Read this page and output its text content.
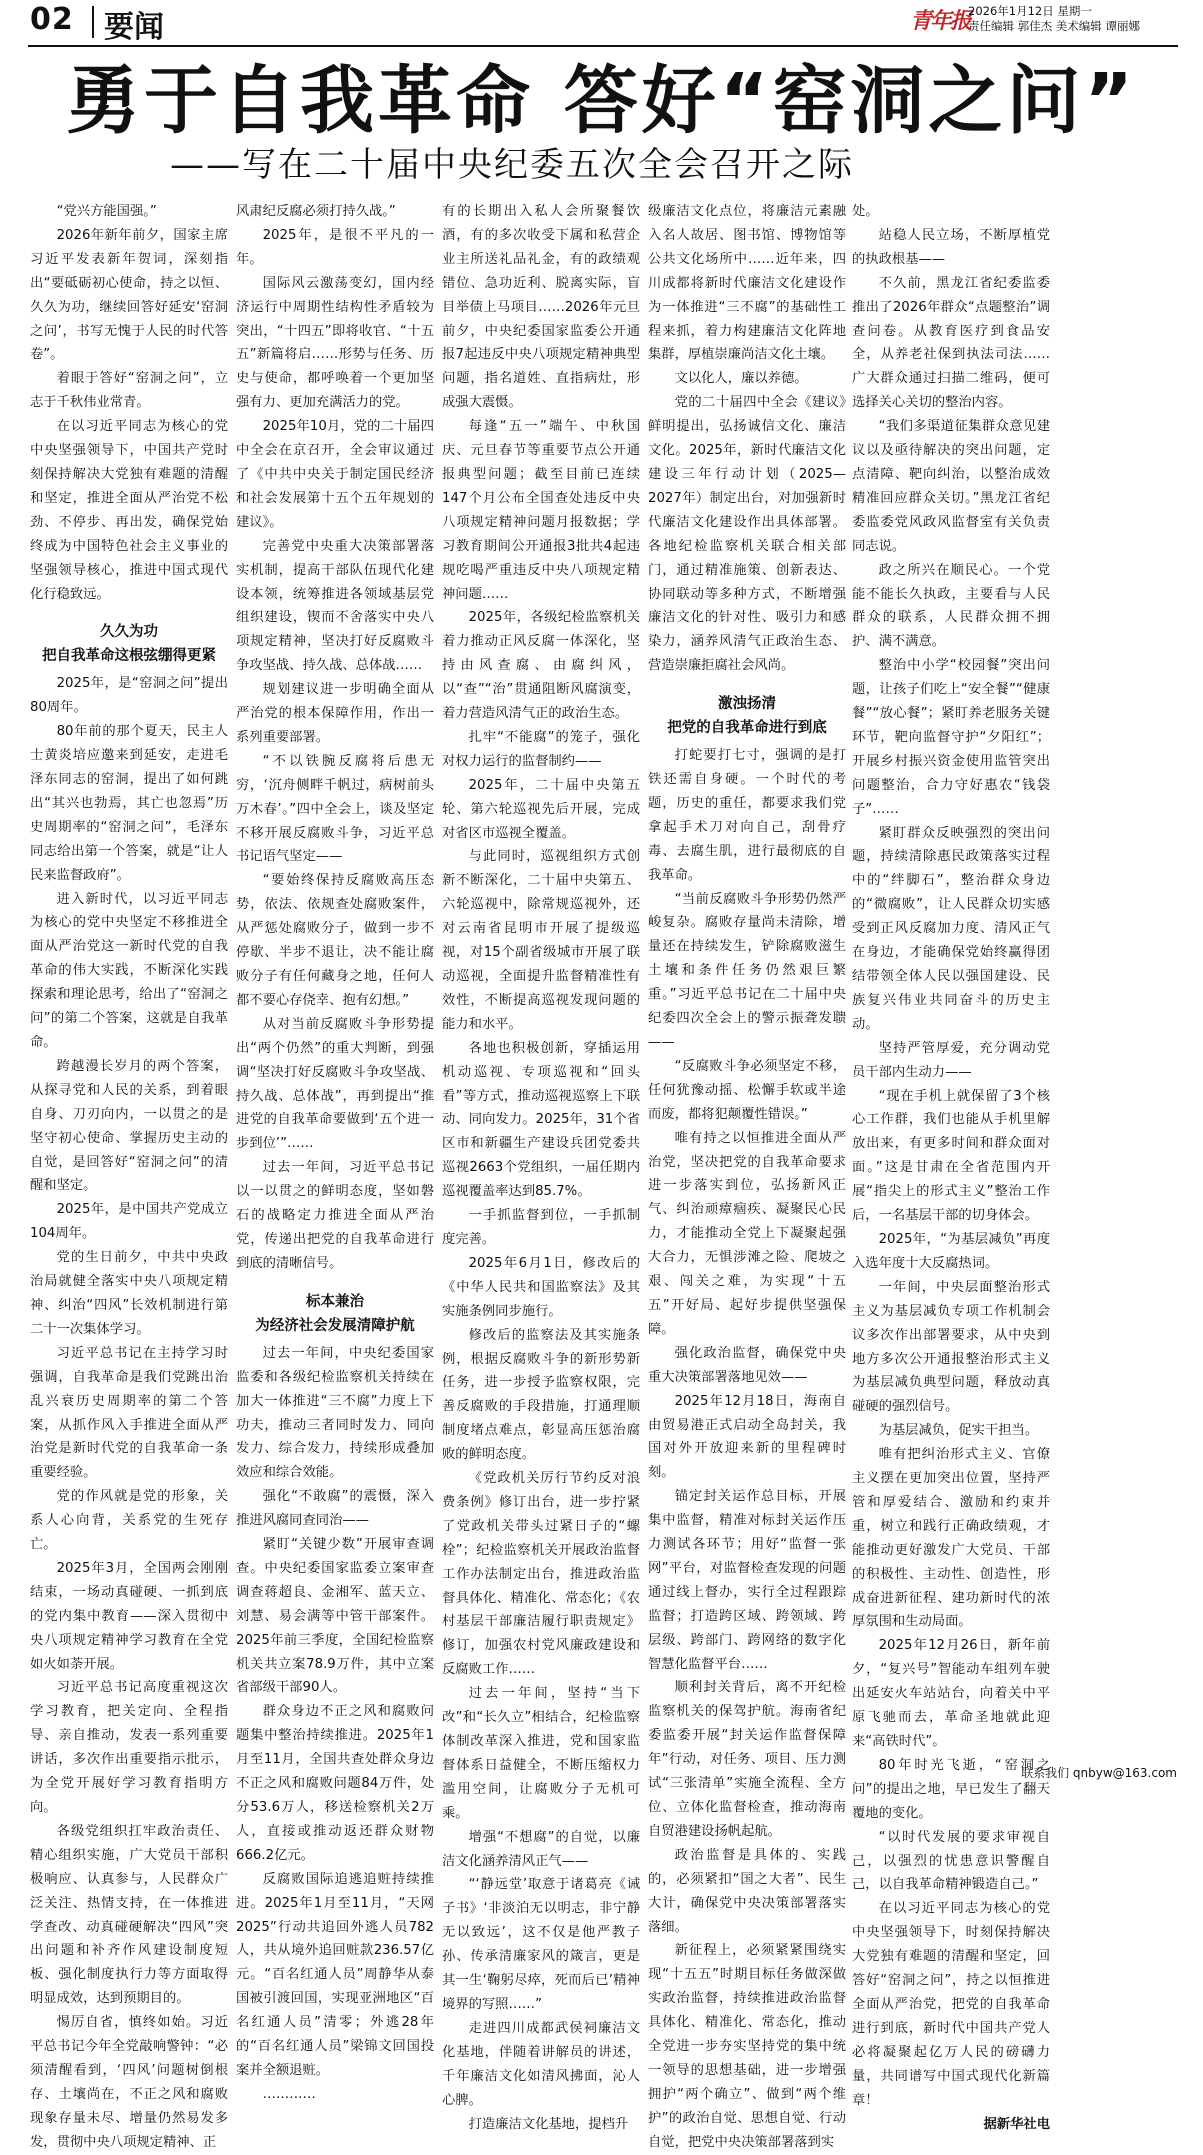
02 要闻	青年报
2026年1月12日 星期一
责任编辑 郭佳杰 美术编辑 谭丽娜
勇于自我革命 答好“窑洞之问”
——写在二十届中央纪委五次全会召开之际

“党兴方能国强。”

2026年新年前夕，国家主席习近平发表新年贺词，深刻指出“要砥砺初心使命，持之以恒、久久为功，继续回答好延安‘窑洞之问’，书写无愧于人民的时代答卷”。

着眼于答好“窑洞之问”，立志于千秋伟业常青。

在以习近平同志为核心的党中央坚强领导下，中国共产党时刻保持解决大党独有难题的清醒和坚定，推进全面从严治党不松劲、不停步、再出发，确保党始终成为中国特色社会主义事业的坚强领导核心，推进中国式现代化行稳致远。

久久为功
把自我革命这根弦绷得更紧

2025年，是“窑洞之问”提出80周年。

80年前的那个夏天，民主人士黄炎培应邀来到延安，走进毛泽东同志的窑洞，提出了如何跳出“其兴也勃焉，其亡也忽焉”历史周期率的“窑洞之问”，毛泽东同志给出第一个答案，就是“让人民来监督政府”。

进入新时代，以习近平同志为核心的党中央坚定不移推进全面从严治党这一新时代党的自我革命的伟大实践，不断深化实践探索和理论思考，给出了“窑洞之问”的第二个答案，这就是自我革命。

跨越漫长岁月的两个答案，从探寻党和人民的关系，到着眼自身、刀刃向内，一以贯之的是坚守初心使命、掌握历史主动的自觉，是回答好“窑洞之问”的清醒和坚定。

2025年，是中国共产党成立104周年。

党的生日前夕，中共中央政治局就健全落实中央八项规定精神、纠治“四风”长效机制进行第二十一次集体学习。

习近平总书记在主持学习时强调，自我革命是我们党跳出治乱兴衰历史周期率的第二个答案，从抓作风入手推进全面从严治党是新时代党的自我革命一条重要经验。

党的作风就是党的形象，关系人心向背，关系党的生死存亡。

2025年3月，全国两会刚刚结束，一场动真碰硬、一抓到底的党内集中教育——深入贯彻中央八项规定精神学习教育在全党如火如荼开展。

习近平总书记高度重视这次学习教育，把关定向、全程指导、亲自推动，发表一系列重要讲话，多次作出重要指示批示，为全党开展好学习教育指明方向。

各级党组织扛牢政治责任、精心组织实施，广大党员干部积极响应、认真参与，人民群众广泛关注、热情支持，在一体推进学查改、动真碰硬解决“四风”突出问题和补齐作风建设制度短板、强化制度执行力等方面取得明显成效，达到预期目的。

惕厉自省，慎终如始。习近平总书记今年全党敲响警钟：“必须清醒看到，‘四风’问题树倒根存、土壤尚在，不正之风和腐败现象存量未尽、增量仍然易发多发，贯彻中央八项规定精神、正

风肃纪反腐必须打持久战。”

2025年，是很不平凡的一年。

国际风云激荡变幻，国内经济运行中周期性结构性矛盾较为突出，“十四五”即将收官、“十五五”新篇将启……形势与任务、历史与使命，都呼唤着一个更加坚强有力、更加充满活力的党。

2025年10月，党的二十届四中全会在京召开，全会审议通过了《中共中央关于制定国民经济和社会发展第十五个五年规划的建议》。

完善党中央重大决策部署落实机制，提高干部队伍现代化建设本领，统筹推进各领域基层党组织建设，锲而不舍落实中央八项规定精神，坚决打好反腐败斗争攻坚战、持久战、总体战……

规划建议进一步明确全面从严治党的根本保障作用，作出一系列重要部署。

“不以铁腕反腐将后患无穷，‘沉舟侧畔千帆过，病树前头万木春’。”四中全会上，谈及坚定不移开展反腐败斗争，习近平总书记语气坚定——

“要始终保持反腐败高压态势，依法、依规查处腐败案件，从严惩处腐败分子，做到一步不停歇、半步不退让，决不能让腐败分子有任何藏身之地，任何人都不要心存侥幸、抱有幻想。”

从对当前反腐败斗争形势提出“两个仍然”的重大判断，到强调“坚决打好反腐败斗争攻坚战、持久战、总体战”，再到提出“推进党的自我革命要做到‘五个进一步到位’”……

过去一年间，习近平总书记以一以贯之的鲜明态度，坚如磐石的战略定力推进全面从严治党，传递出把党的自我革命进行到底的清晰信号。

标本兼治
为经济社会发展清障护航

过去一年间，中央纪委国家监委和各级纪检监察机关持续在加大一体推进“三不腐”力度上下功夫，推动三者同时发力、同向发力、综合发力，持续形成叠加效应和综合效能。

强化“不敢腐”的震慑，深入推进风腐同查同治——

紧盯“关键少数”开展审查调查。中央纪委国家监委立案审查调查蒋超良、金湘军、蓝天立、刘慧、易会满等中管干部案件。2025年前三季度，全国纪检监察机关共立案78.9万件，其中立案省部级干部90人。

群众身边不正之风和腐败问题集中整治持续推进。2025年1月至11月，全国共查处群众身边不正之风和腐败问题84万件，处分53.6万人，移送检察机关2万人，直接或推动返还群众财物666.2亿元。

反腐败国际追逃追赃持续推进。2025年1月至11月，“天网2025”行动共追回外逃人员782人，共从境外追回赃款236.57亿元。“百名红通人员”周静华从泰国被引渡回国，实现亚洲地区“百名红通人员”清零；外逃28年的“百名红通人员”梁锦文回国投案并全额退赃。

…………

有的长期出入私人会所聚餐饮酒，有的多次收受下属和私营企业主所送礼品礼金，有的政绩观错位、急功近利、脱离实际，盲目举债上马项目……2026年元旦前夕，中央纪委国家监委公开通报7起违反中央八项规定精神典型问题，指名道姓、直指病灶，形成强大震慑。

每逢“五一”端午、中秋国庆、元旦春节等重要节点公开通报典型问题；截至目前已连续147个月公布全国查处违反中央八项规定精神问题月报数据；学习教育期间公开通报3批共4起违规吃喝严重违反中央八项规定精神问题……

2025年，各级纪检监察机关着力推动正风反腐一体深化，坚持由风查腐、由腐纠风，以“查”“治”贯通阻断风腐演变，着力营造风清气正的政治生态。

扎牢“不能腐”的笼子，强化对权力运行的监督制约——

2025年，二十届中央第五轮、第六轮巡视先后开展，完成对省区市巡视全覆盖。

与此同时，巡视组织方式创新不断深化，二十届中央第五、六轮巡视中，除常规巡视外，还对云南省昆明市开展了提级巡视，对15个副省级城市开展了联动巡视，全面提升监督精准性有效性，不断提高巡视发现问题的能力和水平。

各地也积极创新，穿插运用机动巡视、专项巡视和“回头看”等方式，推动巡视巡察上下联动、同向发力。2025年，31个省区市和新疆生产建设兵团党委共巡视2663个党组织，一届任期内巡视覆盖率达到85.7%。

一手抓监督到位，一手抓制度完善。

2025年6月1日，修改后的《中华人民共和国监察法》及其实施条例同步施行。

修改后的监察法及其实施条例，根据反腐败斗争的新形势新任务，进一步授予监察权限，完善反腐败的手段措施，打通理顺制度堵点难点，彰显高压惩治腐败的鲜明态度。

《党政机关厉行节约反对浪费条例》修订出台，进一步拧紧了党政机关带头过紧日子的“螺栓”；纪检监察机关开展政治监督工作办法制定出台，推进政治监督具体化、精准化、常态化；《农村基层干部廉洁履行职责规定》修订，加强农村党风廉政建设和反腐败工作……

过去一年间，坚持“当下改”和“长久立”相结合，纪检监察体制改革深入推进，党和国家监督体系日益健全，不断压缩权力滥用空间，让腐败分子无机可乘。

增强“不想腐”的自觉，以廉洁文化涵养清风正气——

“‘静远堂’取意于诸葛亮《诫子书》‘非淡泊无以明志，非宁静无以致远’，这不仅是他严教子孙、传承清廉家风的箴言，更是其一生‘鞠躬尽瘁，死而后已’精神境界的写照……”

走进四川成都武侯祠廉洁文化基地，伴随着讲解员的讲述，千年廉洁文化如清风拂面，沁人心脾。

打造廉洁文化基地，提档升

级廉洁文化点位，将廉洁元素融入名人故居、图书馆、博物馆等公共文化场所中……近年来，四川成都将新时代廉洁文化建设作为一体推进“三不腐”的基础性工程来抓，着力构建廉洁文化阵地集群，厚植崇廉尚洁文化土壤。

文以化人，廉以养德。

党的二十届四中全会《建议》鲜明提出，弘扬诚信文化、廉洁文化。2025年，新时代廉洁文化建设三年行动计划（2025—2027年）制定出台，对加强新时代廉洁文化建设作出具体部署。各地纪检监察机关联合相关部门，通过精准施策、创新表达、协同联动等多种方式，不断增强廉洁文化的针对性、吸引力和感染力，涵养风清气正政治生态、营造崇廉拒腐社会风尚。

激浊扬清
把党的自我革命进行到底

打蛇要打七寸，强调的是打铁还需自身硬。一个时代的考题，历史的重任，都要求我们党拿起手术刀对向自己，刮骨疗毒、去腐生肌，进行最彻底的自我革命。

“当前反腐败斗争形势仍然严峻复杂。腐败存量尚未清除，增量还在持续发生，铲除腐败滋生土壤和条件任务仍然艰巨繁重。”习近平总书记在二十届中央纪委四次全会上的警示振聋发聩——

“反腐败斗争必须坚定不移，任何犹豫动摇、松懈手软或半途而废，都将犯颠覆性错误。”

唯有持之以恒推进全面从严治党，坚决把党的自我革命要求进一步落实到位，弘扬新风正气、纠治顽瘴痼疾、凝聚民心民力，才能推动全党上下凝聚起强大合力，无惧涉滩之险、爬坡之艰、闯关之难，为实现“十五五”开好局、起好步提供坚强保障。

强化政治监督，确保党中央重大决策部署落地见效——

2025年12月18日，海南自由贸易港正式启动全岛封关，我国对外开放迎来新的里程碑时刻。

锚定封关运作总目标，开展集中监督，精准对标封关运作压力测试各环节；用好“监督一张网”平台，对监督检查发现的问题通过线上督办，实行全过程跟踪监督；打造跨区域、跨领域、跨层级、跨部门、跨网络的数字化智慧化监督平台……

顺利封关背后，离不开纪检监察机关的保驾护航。海南省纪委监委开展“封关运作监督保障年”行动，对任务、项目、压力测试“三张清单”实施全流程、全方位、立体化监督检查，推动海南自贸港建设扬帆起航。

政治监督是具体的、实践的，必须紧扣“国之大者”、民生大计，确保党中央决策部署落实落细。

新征程上，必须紧紧围绕实现“十五五”时期目标任务做深做实政治监督，持续推进政治监督具体化、精准化、常态化，推动全党进一步夯实坚持党的集中统一领导的思想基础，进一步增强拥护“两个确立”、做到“两个维护”的政治自觉、思想自觉、行动自觉，把党中央决策部署落到实

处。

站稳人民立场，不断厚植党的执政根基——

不久前，黑龙江省纪委监委推出了2026年群众“点题整治”调查问卷。从教育医疗到食品安全，从养老社保到执法司法……广大群众通过扫描二维码，便可选择关心关切的整治内容。

“我们多渠道征集群众意见建议以及亟待解决的突出问题，定点清障、靶向纠治，以整治成效精准回应群众关切。”黑龙江省纪委监委党风政风监督室有关负责同志说。

政之所兴在顺民心。一个党能不能长久执政，主要看与人民群众的联系，人民群众拥不拥护、满不满意。

整治中小学“校园餐”突出问题，让孩子们吃上“安全餐”“健康餐”“放心餐”；紧盯养老服务关键环节，靶向监督守护“夕阳红”；开展乡村振兴资金使用监管突出问题整治，合力守好惠农“钱袋子”……

紧盯群众反映强烈的突出问题，持续清除惠民政策落实过程中的“绊脚石”，整治群众身边的“微腐败”，让人民群众切实感受到正风反腐加力度、清风正气在身边，才能确保党始终赢得团结带领全体人民以强国建设、民族复兴伟业共同奋斗的历史主动。

坚持严管厚爱，充分调动党员干部内生动力——

“现在手机上就保留了3个核心工作群，我们也能从手机里解放出来，有更多时间和群众面对面。”这是甘肃在全省范围内开展“指尖上的形式主义”整治工作后，一名基层干部的切身体会。

2025年，“为基层减负”再度入选年度十大反腐热词。

一年间，中央层面整治形式主义为基层减负专项工作机制会议多次作出部署要求，从中央到地方多次公开通报整治形式主义为基层减负典型问题，释放动真碰硬的强烈信号。

为基层减负，促实干担当。

唯有把纠治形式主义、官僚主义摆在更加突出位置，坚持严管和厚爱结合、激励和约束并重，树立和践行正确政绩观，才能推动更好激发广大党员、干部的积极性、主动性、创造性，形成奋进新征程、建功新时代的浓厚氛围和生动局面。

2025年12月26日，新年前夕，“复兴号”智能动车组列车驶出延安火车站站台，向着关中平原飞驰而去，革命圣地就此迎来“高铁时代”。

80年时光飞逝，“窑洞之问”的提出之地，早已发生了翻天覆地的变化。

“以时代发展的要求审视自己，以强烈的忧患意识警醒自己，以自我革命精神锻造自己。”

在以习近平同志为核心的党中央坚强领导下，时刻保持解决大党独有难题的清醒和坚定，回答好“窑洞之问”，持之以恒推进全面从严治党，把党的自我革命进行到底，新时代中国共产党人必将凝聚起亿万人民的磅礴力量，共同谱写中国式现代化新篇章！

据新华社电

联系我们 qnbyw@163.com
